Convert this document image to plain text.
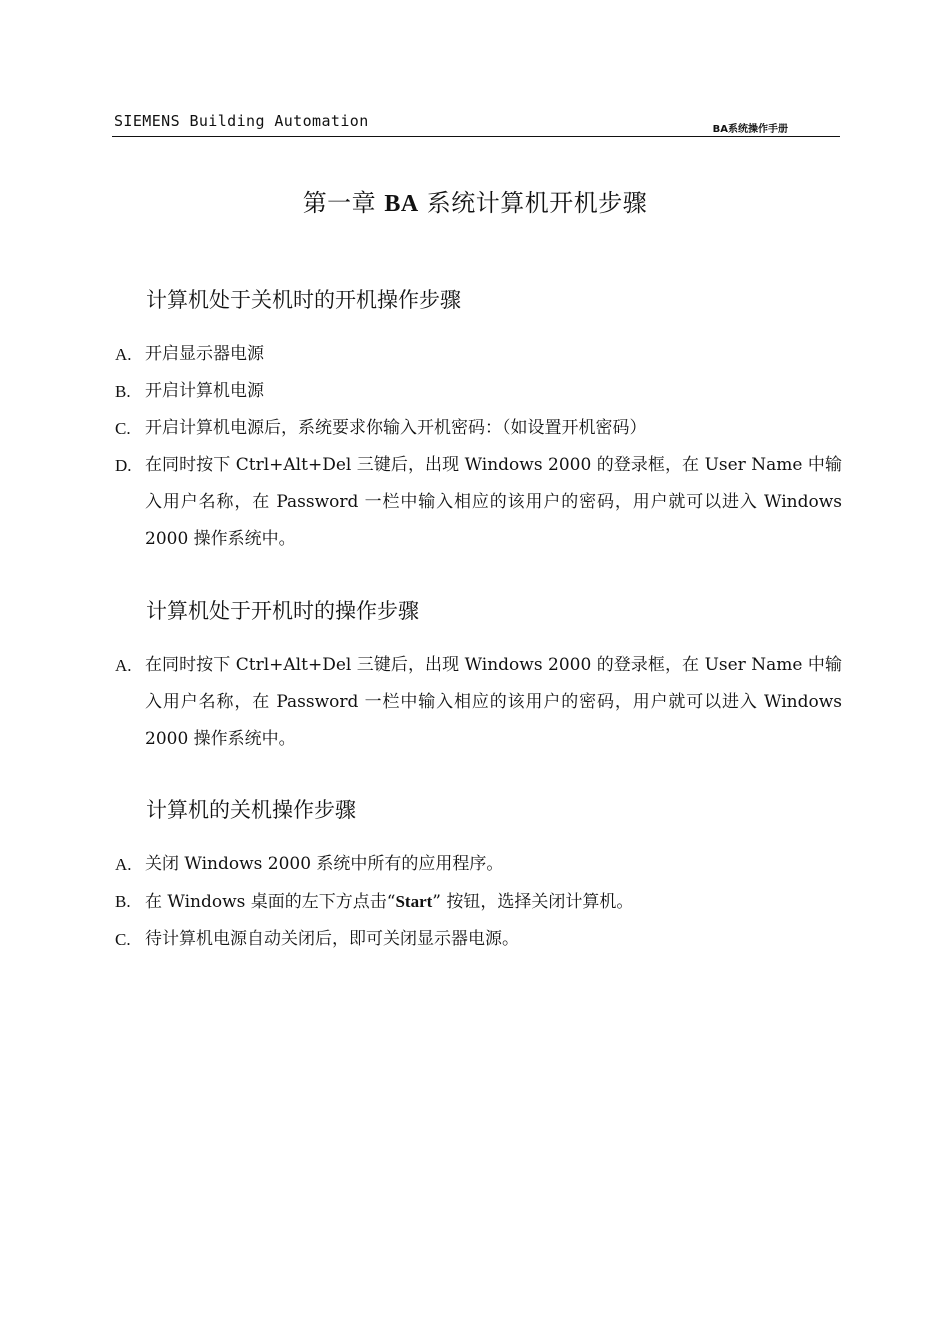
SIEMENS Building Automation	BA系统操作手册
第一章 BA 系统计算机开机步骤
计算机处于关机时的开机操作步骤
A. 开启显示器电源
B. 开启计算机电源
C. 开启计算机电源后，系统要求你输入开机密码：（如设置开机密码）
D. 在同时按下 Ctrl+Alt+Del 三键后，出现 Windows 2000 的登录框，在 User Name 中输入用户名称，在 Password 一栏中输入相应的该用户的密码，用户就可以进入 Windows 2000 操作系统中。
计算机处于开机时的操作步骤
A. 在同时按下 Ctrl+Alt+Del 三键后，出现 Windows 2000 的登录框，在 User Name 中输入用户名称，在 Password 一栏中输入相应的该用户的密码，用户就可以进入 Windows 2000 操作系统中。
计算机的关机操作步骤
A. 关闭 Windows 2000 系统中所有的应用程序。
B. 在 Windows 桌面的左下方点击“Start” 按钮，选择关闭计算机。
C. 待计算机电源自动关闭后，即可关闭显示器电源。
